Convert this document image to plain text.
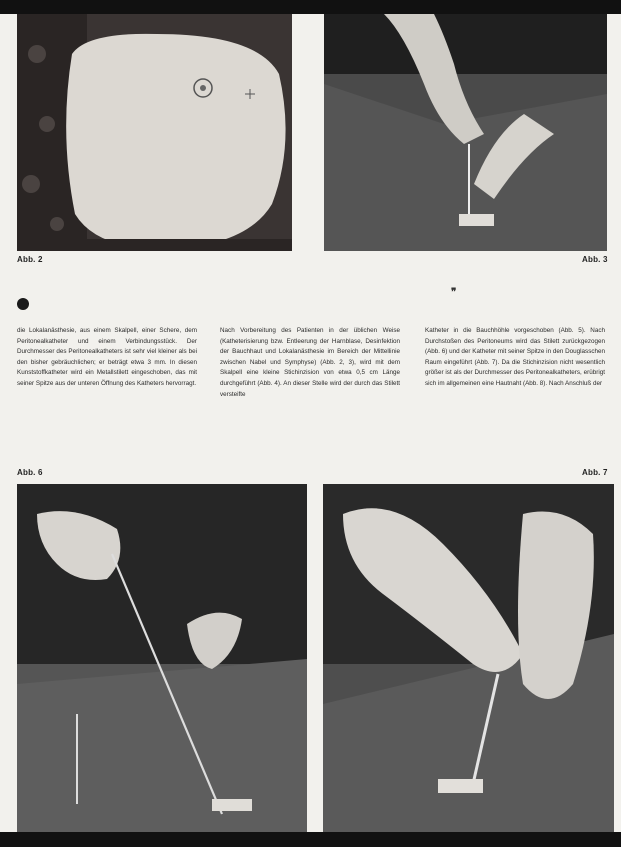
Abb. 2	Abb. 3
❞
die Lokalanästhesie, aus einem Skalpell, einer Schere, dem Peritonealkatheter und einem Verbindungsstück. Der Durchmesser des Peritonealkatheters ist sehr viel kleiner als bei den bisher gebräuchlichen; er beträgt etwa 3 mm. In diesen Kunststoffkatheter wird ein Metallstilett eingeschoben, das mit seiner Spitze aus der unteren Öffnung des Katheters hervorragt.
Nach Vorbereitung des Patienten in der üblichen Weise (Katheterisierung bzw. Entleerung der Harnblase, Desinfektion der Bauchhaut und Lokalanästhesie im Bereich der Mittellinie zwischen Nabel und Symphyse) (Abb. 2, 3), wird mit dem Skalpell eine kleine Stichinzision von etwa 0,5 cm Länge durchgeführt (Abb. 4). An dieser Stelle wird der durch das Stilett versteifte
Katheter in die Bauchhöhle vorgeschoben (Abb. 5). Nach Durchstoßen des Peritoneums wird das Stilett zurückgezogen (Abb. 6) und der Katheter mit seiner Spitze in den Douglasschen Raum eingeführt (Abb. 7). Da die Stichinzision nicht wesentlich größer ist als der Durchmesser des Peritonealkatheters, erübrigt sich im allgemeinen eine Hautnaht (Abb. 8). Nach Anschluß der
Abb. 6	Abb. 7
